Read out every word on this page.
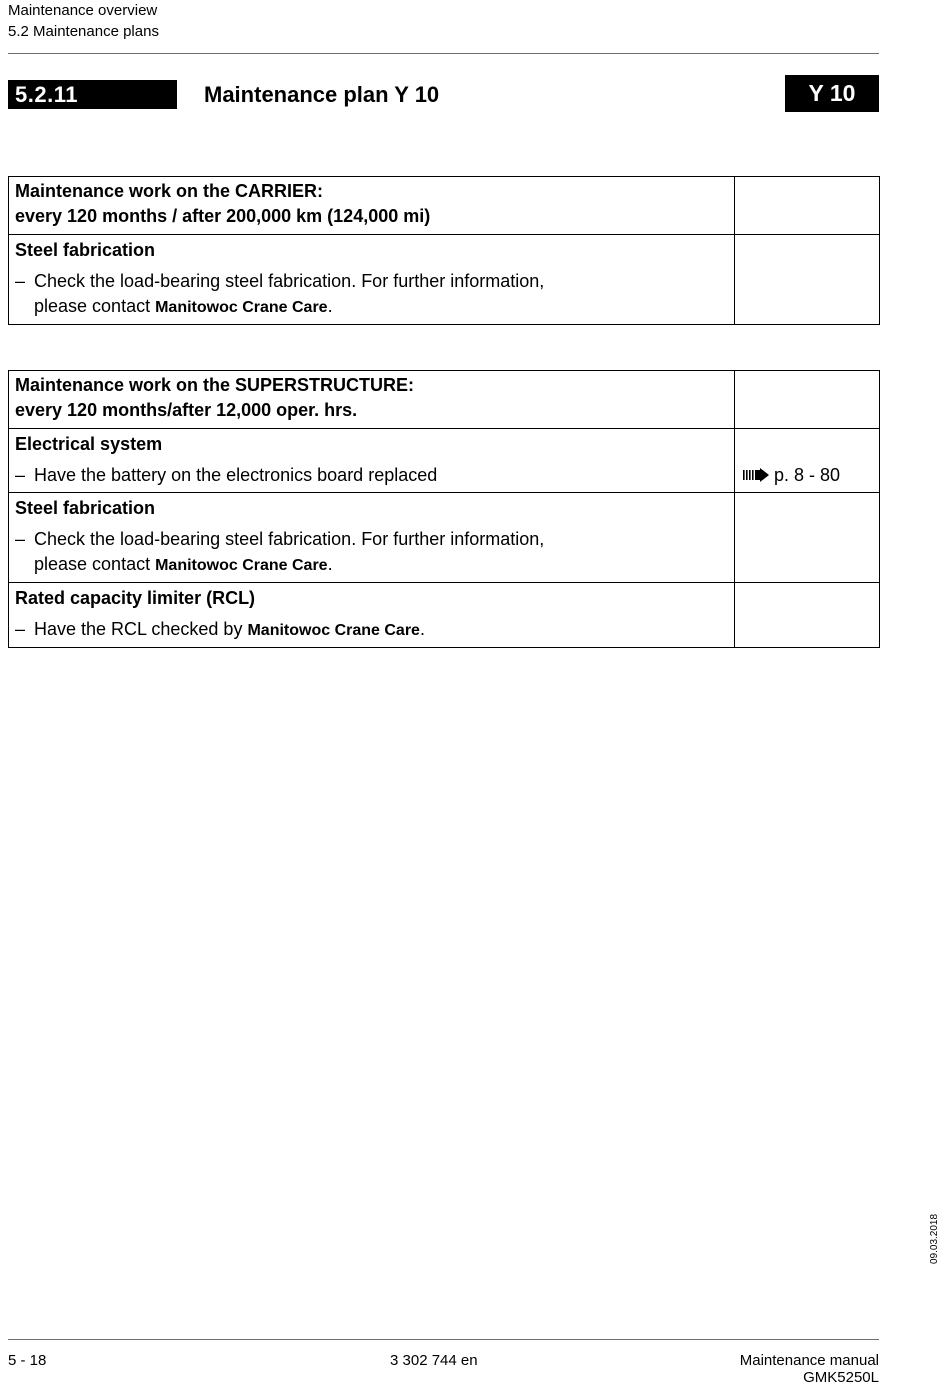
Maintenance overview
5.2 Maintenance plans
5.2.11	Maintenance plan Y 10	Y 10
Maintenance work on the CARRIER:
every 120 months / after 200,000 km (124,000 mi)	

Steel fabrication
– Check the load-bearing steel fabrication. For further information,
please contact Manitowoc Crane Care.	

Maintenance work on the SUPERSTRUCTURE:
every 120 months/after 12,000 oper. hrs.	

Electrical system
– Have the battery on the electronics board replaced	p. 8 - 80

Steel fabrication
– Check the load-bearing steel fabrication. For further information,
please contact Manitowoc Crane Care.	

Rated capacity limiter (RCL)
– Have the RCL checked by Manitowoc Crane Care.	

09.03.2018
5 - 18	3 302 744 en	Maintenance manual
GMK5250L
